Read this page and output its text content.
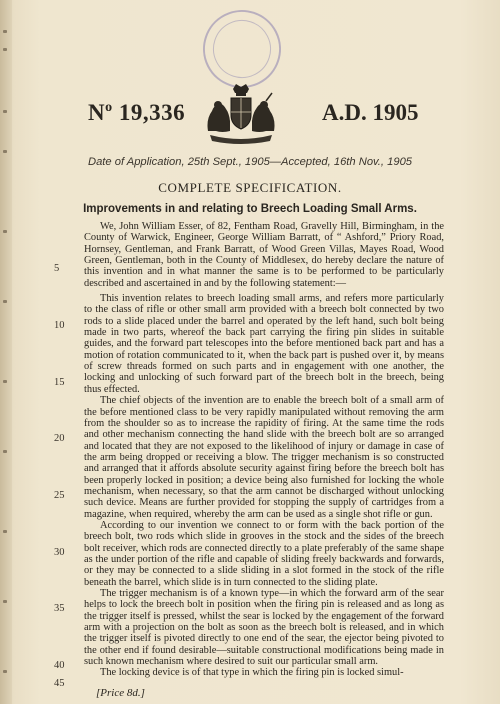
$N^o$ 19,336	A.D. 1905
Date of Application, 25th Sept., 1905—Accepted, 16th Nov., 1905
COMPLETE SPECIFICATION.
Improvements in and relating to Breech Loading Small Arms.

We, John William Esser, of 82, Fentham Road, Gravelly Hill, Birmingham, in the County of Warwick, Engineer, George William Barratt, of “ Ashford,” Priory Road, Hornsey, Gentleman, and Frank Barratt, of Wood Green Villas, Mayes Road, Wood Green, Gentleman, both in the County of Middlesex, do hereby declare the nature of this invention and in what manner the same is to be performed to be particularly described and ascertained in and by the following statement:—

This invention relates to breech loading small arms, and refers more particularly to the class of rifle or other small arm provided with a breech bolt connected by two rods to a slide placed under the barrel and operated by the left hand, such bolt being made in two parts, whereof the back part carrying the firing pin slides in suitable guides, and the forward part telescopes into the before mentioned back part and has a motion of rotation communicated to it, when the back part is pushed over it, by means of screw threads formed on such parts and in engagement with one another, the locking and unlocking of such forward part of the breech bolt in the breech, being thus effected.

The chief objects of the invention are to enable the breech bolt of a small arm of the before mentioned class to be very rapidly manipulated without removing the arm from the shoulder so as to increase the rapidity of firing. At the same time the rods and other mechanism connecting the hand slide with the breech bolt are so arranged and located that they are not exposed to the likelihood of injury or damage in case of the arm being dropped or receiving a blow. The trigger mechanism is so constructed and arranged that it affords absolute security against firing before the breech bolt has been properly locked in position; a device being also furnished for locking the whole mechanism, when necessary, so that the arm cannot be discharged without unlocking such device. Means are further provided for stopping the supply of cartridges from a magazine, when required, whereby the arm can be used as a single shot rifle or gun.

According to our invention we connect to or form with the back portion of the breech bolt, two rods which slide in grooves in the stock and the sides of the breech bolt receiver, which rods are connected directly to a plate preferably of the same shape as the under portion of the rifle and capable of sliding freely backwards and forwards, or they may be connected to a slide sliding in a slot formed in the stock of the rifle beneath the barrel, which slide is in turn connected to the sliding plate.

The trigger mechanism is of a known type—in which the forward arm of the sear helps to lock the breech bolt in position when the firing pin is released and as long as the trigger itself is pressed, whilst the sear is locked by the engagement of the forward arm with a projection on the bolt as soon as the breech bolt is released, and in which the trigger itself is pivoted directly to one end of the sear, the ejector being pivoted to the other end if found desirable—suitable constructional modifications being made in such known mechanism where desired to suit our particular small arm.

The locking device is of that type in which the firing pin is locked simul-

5
10
15
20
25
30
35
40
45
[Price 8d.]
